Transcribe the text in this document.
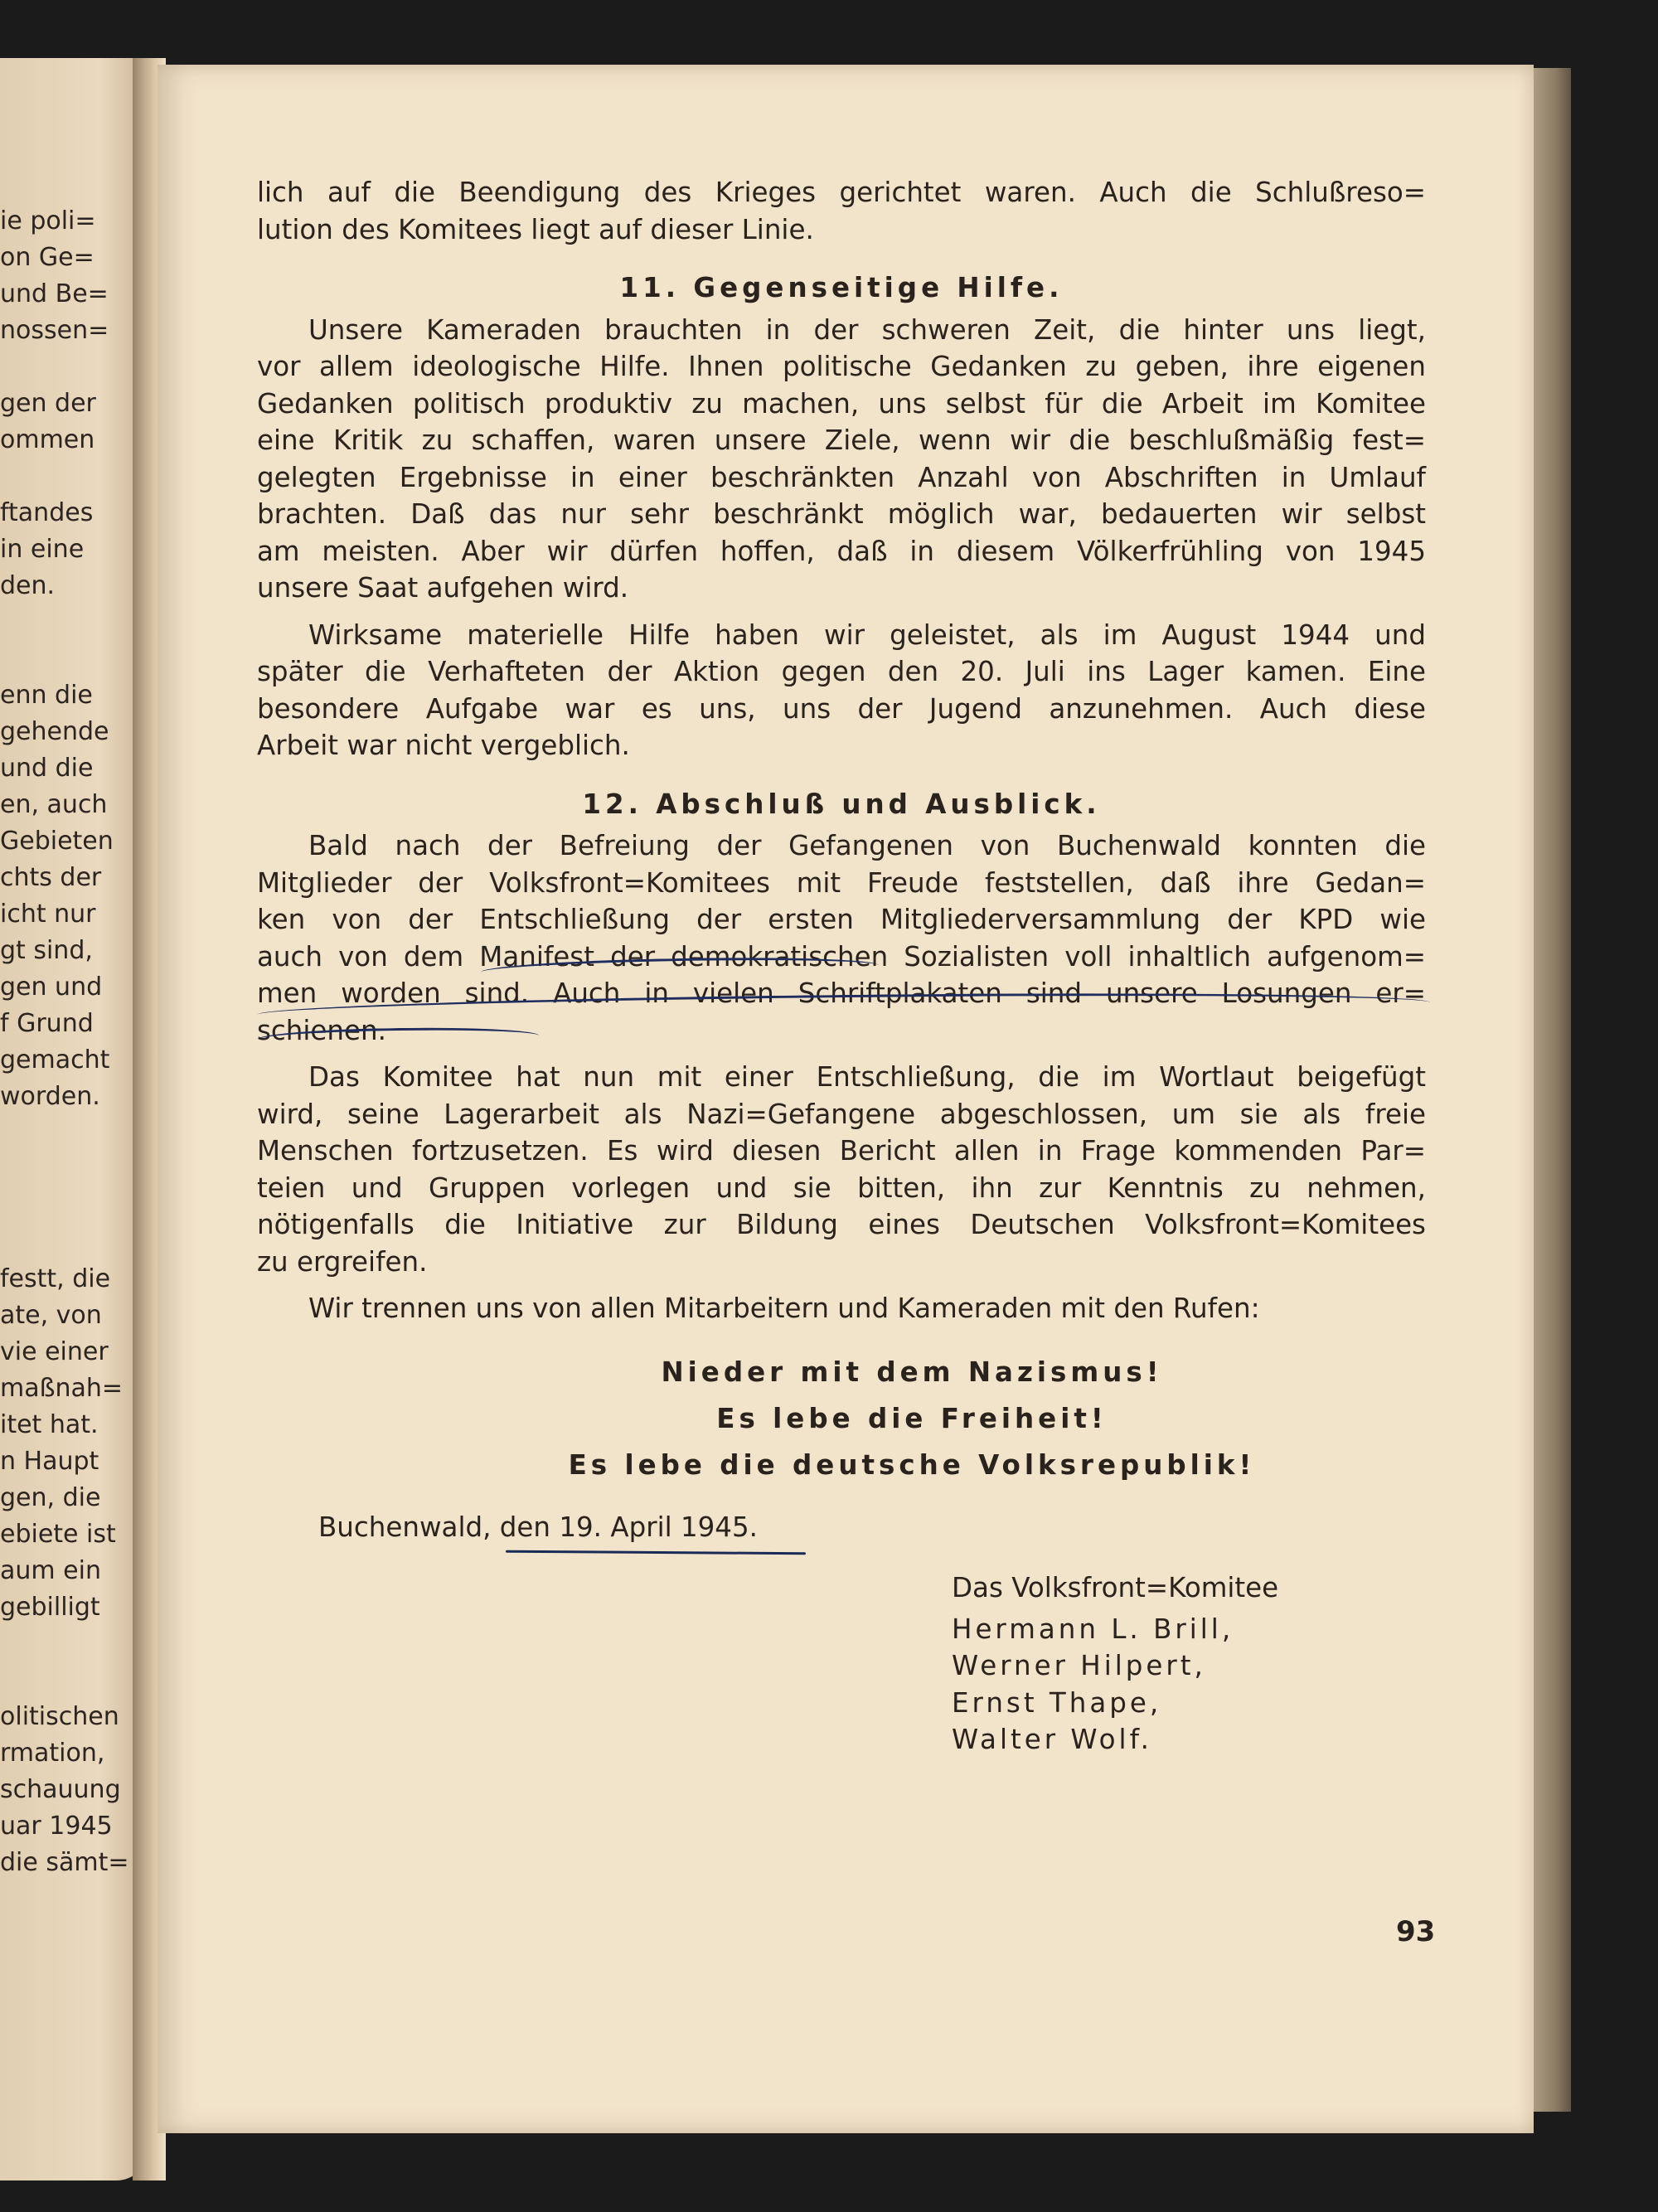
ie poli=
on Ge=
und Be=
nossen=
gen der
ommen
ftandes
in eine
den.
enn die
gehende
und die
en, auch
Gebieten
chts der
icht nur
gt sind,
gen und
f Grund
gemacht
worden.
festt, die
ate, von
vie einer
maßnah=
itet hat.
n Haupt
gen, die
ebiete ist
aum ein
gebilligt
olitischen
rmation,
schauung
uar 1945
die sämt=
lich auf die Beendigung des Krieges gerichtet waren. Auch die Schlußreso=
lution des Komitees liegt auf dieser Linie.
11. Gegenseitige Hilfe.
Unsere Kameraden brauchten in der schweren Zeit, die hinter uns liegt,
vor allem ideologische Hilfe. Ihnen politische Gedanken zu geben, ihre eigenen
Gedanken politisch produktiv zu machen, uns selbst für die Arbeit im Komitee
eine Kritik zu schaffen, waren unsere Ziele, wenn wir die beschlußmäßig fest=
gelegten Ergebnisse in einer beschränkten Anzahl von Abschriften in Umlauf
brachten. Daß das nur sehr beschränkt möglich war, bedauerten wir selbst
am meisten. Aber wir dürfen hoffen, daß in diesem Völkerfrühling von 1945
unsere Saat aufgehen wird.
Wirksame materielle Hilfe haben wir geleistet, als im August 1944 und
später die Verhafteten der Aktion gegen den 20. Juli ins Lager kamen. Eine
besondere Aufgabe war es uns, uns der Jugend anzunehmen. Auch diese
Arbeit war nicht vergeblich.
12. Abschluß und Ausblick.
Bald nach der Befreiung der Gefangenen von Buchenwald konnten die
Mitglieder der Volksfront=Komitees mit Freude feststellen, daß ihre Gedan=
ken von der Entschließung der ersten Mitgliederversammlung der KPD wie
auch von dem Manifest der demokratischen Sozialisten voll inhaltlich aufgenom=
men worden sind. Auch in vielen Schriftplakaten sind unsere Losungen er=
schienen.
Das Komitee hat nun mit einer Entschließung, die im Wortlaut beigefügt
wird, seine Lagerarbeit als Nazi=Gefangene abgeschlossen, um sie als freie
Menschen fortzusetzen. Es wird diesen Bericht allen in Frage kommenden Par=
teien und Gruppen vorlegen und sie bitten, ihn zur Kenntnis zu nehmen,
nötigenfalls die Initiative zur Bildung eines Deutschen Volksfront=Komitees
zu ergreifen.
Wir trennen uns von allen Mitarbeitern und Kameraden mit den Rufen:
Nieder mit dem Nazismus!
Es lebe die Freiheit!
Es lebe die deutsche Volksrepublik!
Buchenwald, den 19. April 1945.
Das Volksfront=Komitee
Hermann L. Brill,
Werner Hilpert,
Ernst Thape,
Walter Wolf.
93
